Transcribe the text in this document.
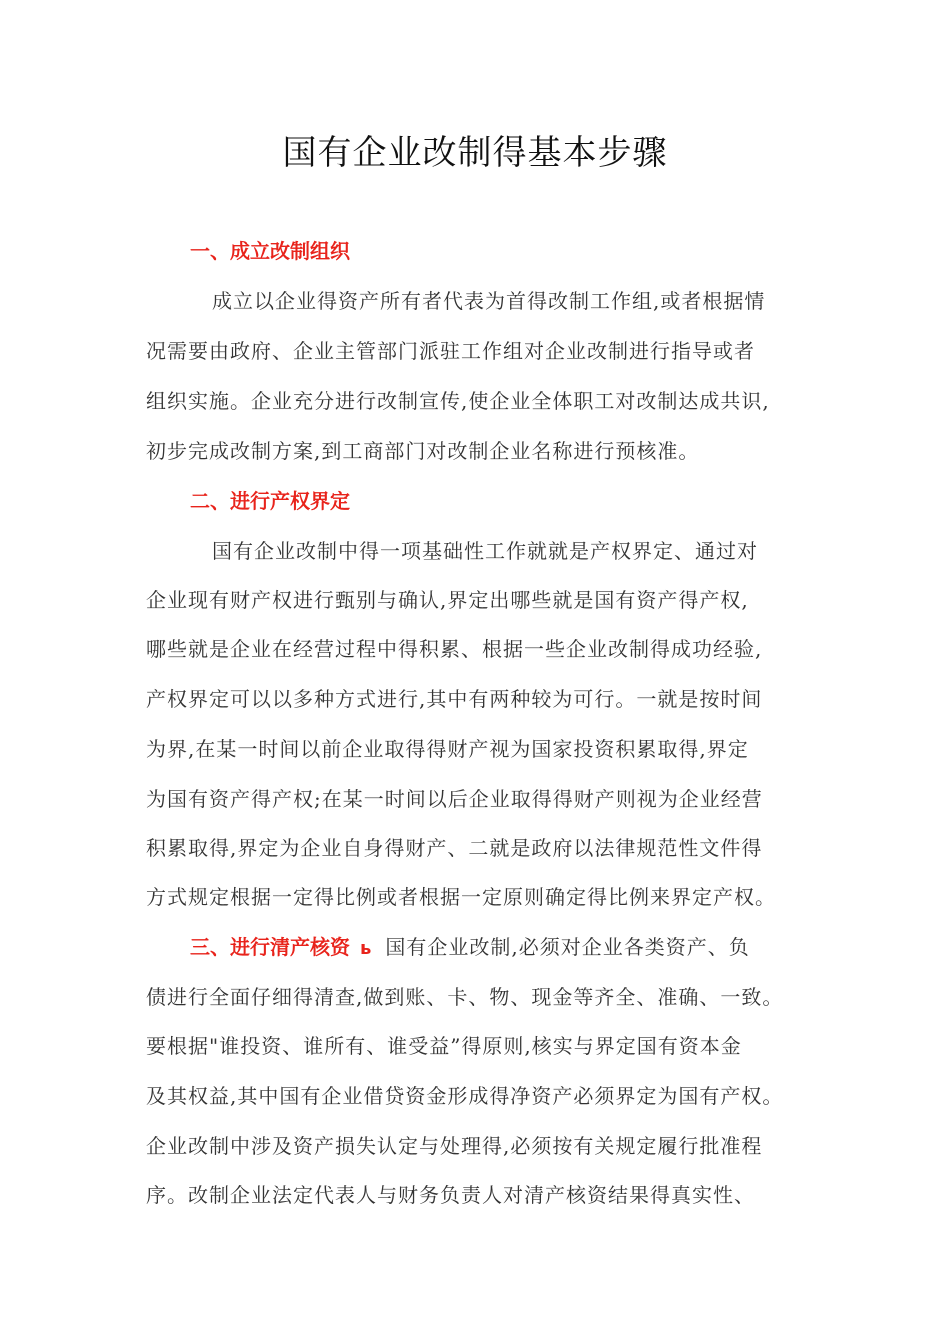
国有企业改制得基本步骤
一、成立改制组织
成立以企业得资产所有者代表为首得改制工作组,或者根据情
况需要由政府、企业主管部门派驻工作组对企业改制进行指导或者
组织实施。企业充分进行改制宣传,使企业全体职工对改制达成共识,
初步完成改制方案,到工商部门对改制企业名称进行预核准。
二、进行产权界定
国有企业改制中得一项基础性工作就就是产权界定、通过对
企业现有财产权进行甄别与确认,界定出哪些就是国有资产得产权,
哪些就是企业在经营过程中得积累、根据一些企业改制得成功经验,
产权界定可以以多种方式进行,其中有两种较为可行。一就是按时间
为界,在某一时间以前企业取得得财产视为国家投资积累取得,界定
为国有资产得产权;在某一时间以后企业取得得财产则视为企业经营
积累取得,界定为企业自身得财产、二就是政府以法律规范性文件得
方式规定根据一定得比例或者根据一定原则确定得比例来界定产权。
三、进行清产核资 ь 国有企业改制,必须对企业各类资产、负
债进行全面仔细得清查,做到账、卡、物、现金等齐全、准确、一致。
要根据"谁投资、谁所有、谁受益”得原则,核实与界定国有资本金
及其权益,其中国有企业借贷资金形成得净资产必须界定为国有产权。
企业改制中涉及资产损失认定与处理得,必须按有关规定履行批准程
序。改制企业法定代表人与财务负责人对清产核资结果得真实性、
